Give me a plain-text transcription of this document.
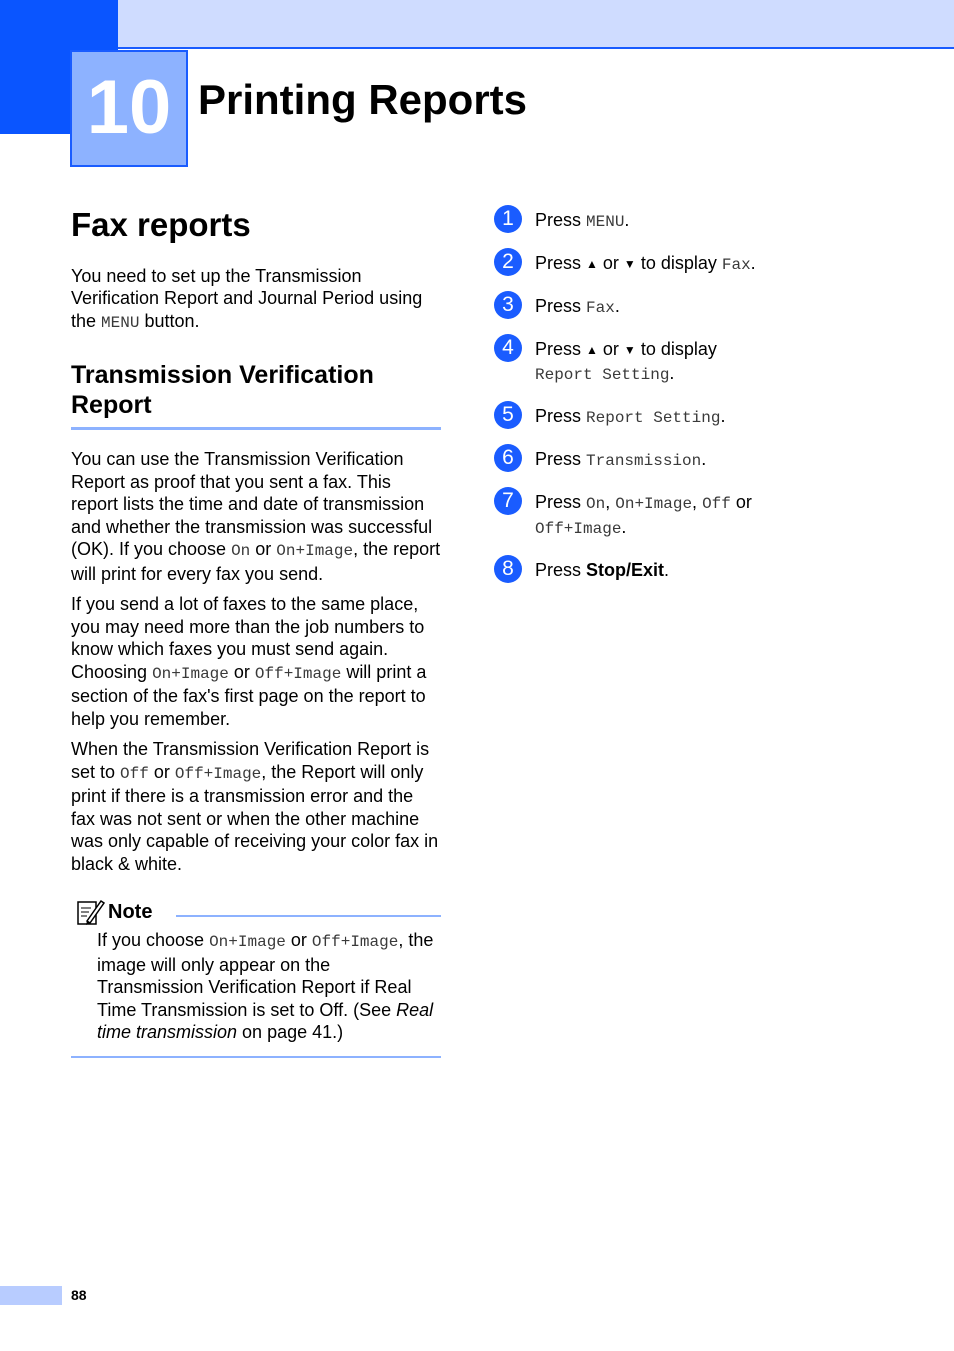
10 Printing Reports
Fax reports

You need to set up the Transmission Verification Report and Journal Period using the MENU button.

Transmission Verification Report

You can use the Transmission Verification Report as proof that you sent a fax. This report lists the time and date of transmission and whether the transmission was successful (OK). If you choose On or On+Image, the report will print for every fax you send.

If you send a lot of faxes to the same place, you may need more than the job numbers to know which faxes you must send again. Choosing On+Image or Off+Image will print a section of the fax's first page on the report to help you remember.

When the Transmission Verification Report is set to Off or Off+Image, the Report will only print if there is a transmission error and the fax was not sent or when the other machine was only capable of receiving your color fax in black & white.

Note
If you choose On+Image or Off+Image, the image will only appear on the Transmission Verification Report if Real Time Transmission is set to Off. (See Real time transmission on page 41.)
1	Press MENU.
2	Press ▲ or ▼ to display Fax.
3	Press Fax.
4	Press ▲ or ▼ to display
Report Setting.
5	Press Report Setting.
6	Press Transmission.
7	Press On, On+Image, Off or
Off+Image.
8	Press Stop/Exit.
88
